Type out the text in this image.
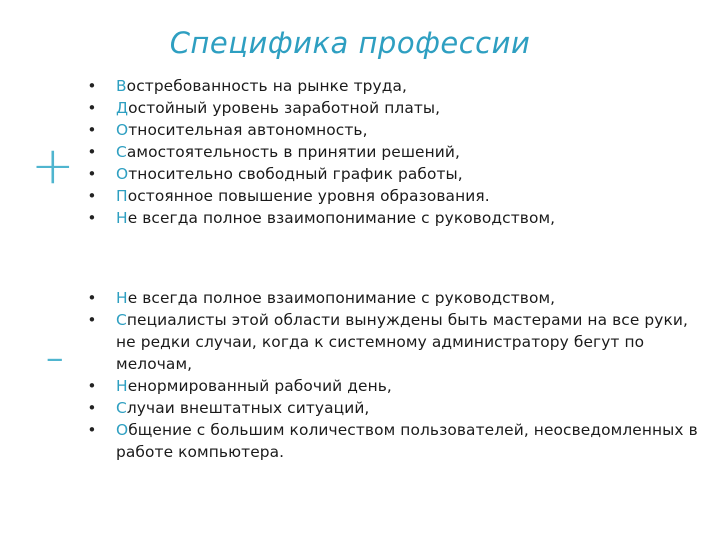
Специфика профессии
+
-
• Востребованность на рынке труда,
• Достойный уровень заработной платы,
• Относительная автономность,
• Самостоятельность в принятии решений,
• Относительно свободный график работы,
• Постоянное повышение уровня образования.
• Не всегда полное взаимопонимание с руководством,
• Не всегда полное взаимопонимание с руководством,
• Специалисты этой области вынуждены быть мастерами на все руки, не редки случаи, когда к системному администратору бегут по мелочам,
• Ненормированный рабочий день,
• Случаи внештатных ситуаций,
• Общение с большим количеством пользователей, неосведомленных в работе компьютера.
